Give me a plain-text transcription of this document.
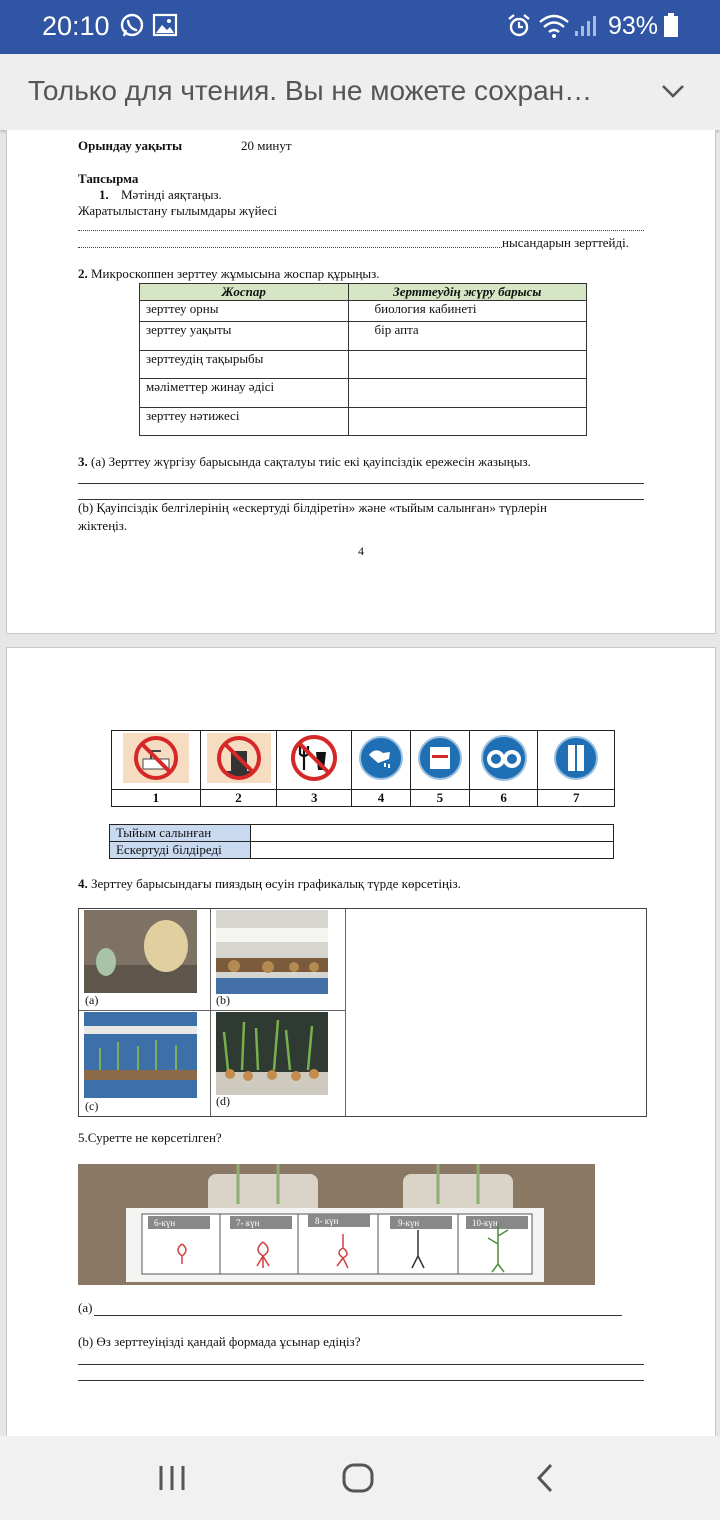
20:10	93%
Только для чтения. Вы не можете сохран…
Орындау уақыты	20 минут
Тапсырма
1. Мәтінді аяқтаңыз.
Жаратылыстану ғылымдары жүйесі
нысандарын зерттейді.
2. Микроскоппен зерттеу жұмысына жоспар құрыңыз.
Жоспар	Зерттеудің жүру барысы
зерттеу орны	биология кабинеті
зерттеу уақыты	бір апта
зерттеудің тақырыбы	
мәліметтер жинау әдісі	
зерттеу нәтижесі	
3. (a) Зерттеу жүргізу барысында сақталуы тиіс екі қауіпсіздік ережесін жазыңыз.
(b) Қауіпсіздік белгілерінің «ескертуді білдіретін» және «тыйым салынған» түрлерін
жіктеңіз.
4

1	2	3	4	5	6	7
Тыйым салынған	
Ескертуді білдіреді	
4. Зерттеу барысындағы пияздың өсуін графикалық түрде көрсетіңіз.
(a)	(b)
(c)	(d)
5.Суретте не көрсетілген?
6-күн	7- күн	8- күн	9-күн	10-күн
(a)
(b) Өз зерттеуіңізді қандай формада ұсынар едіңіз?
